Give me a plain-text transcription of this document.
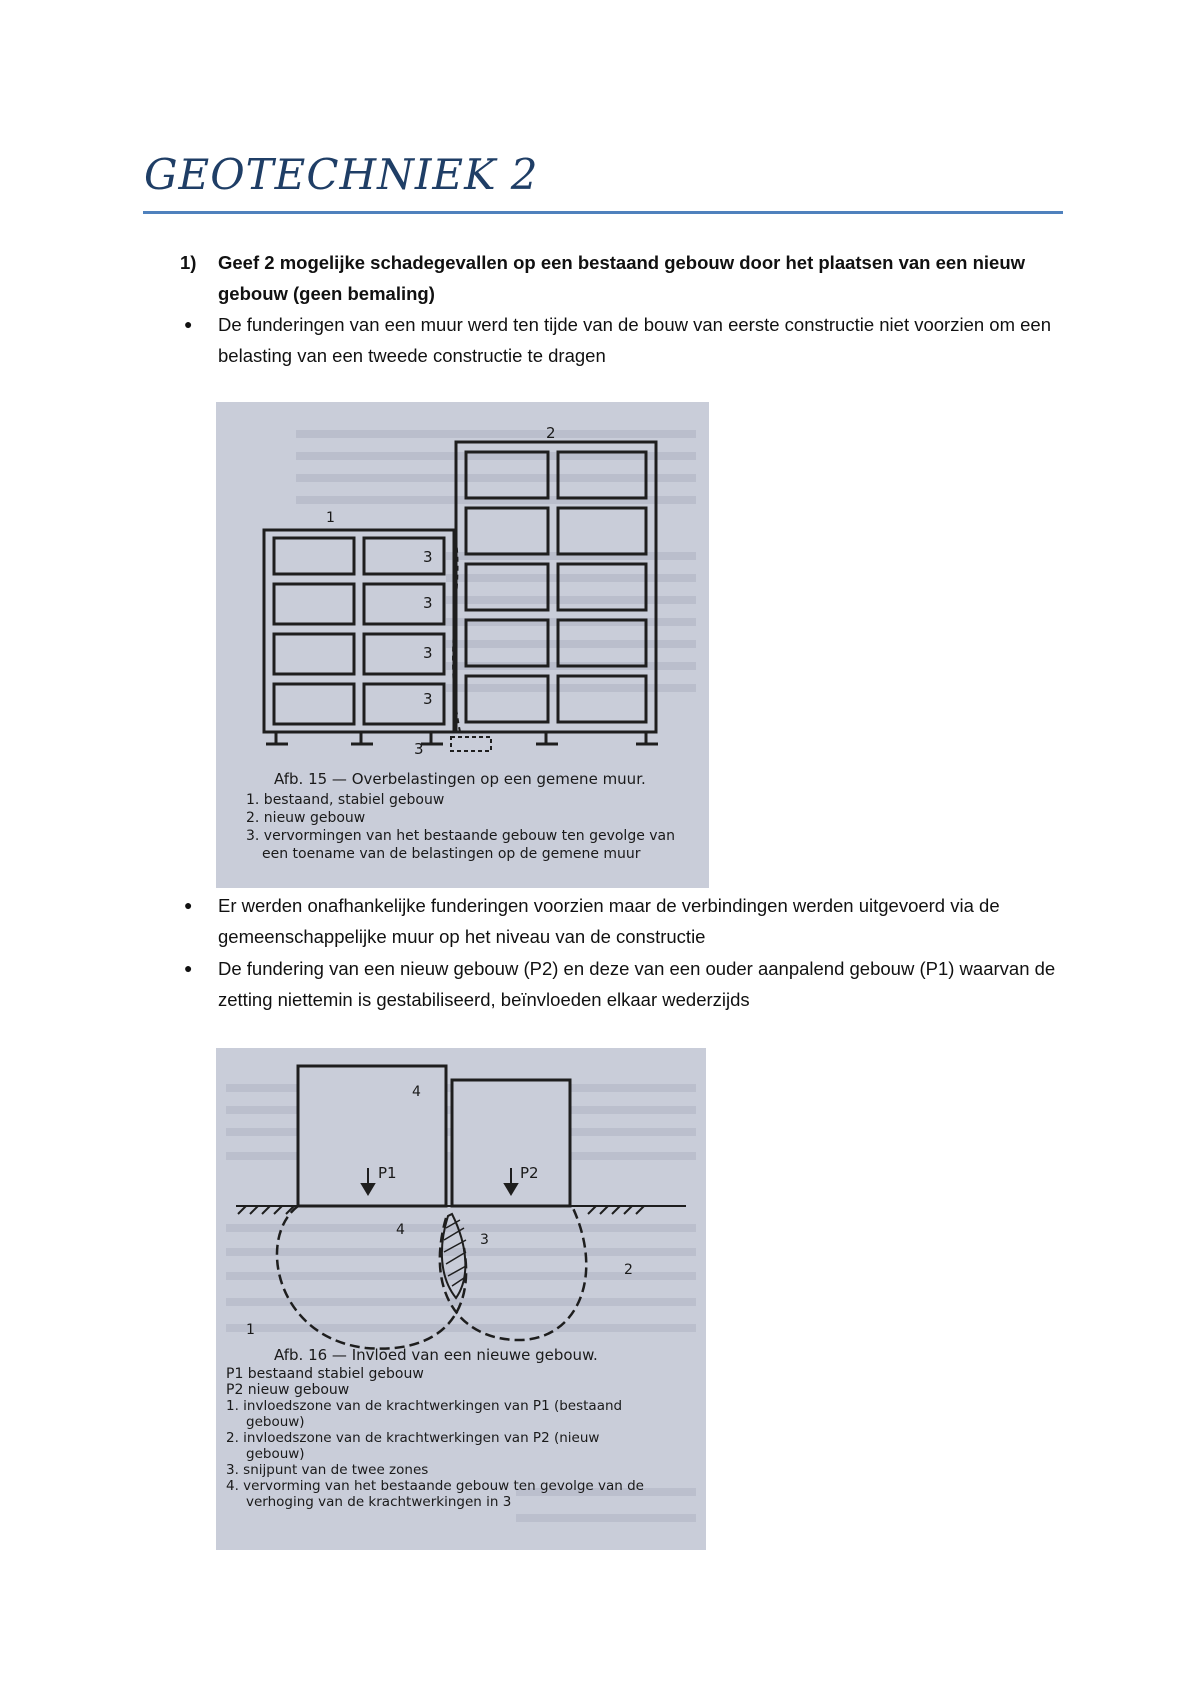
GEOTECHNIEK 2
1) Geef 2 mogelijke schadegevallen op een bestaand gebouw door het plaatsen van een nieuw gebouw (geen bemaling)
● De funderingen van een muur werd ten tijde van de bouw van eerste constructie niet voorzien om een belasting van een tweede constructie te dragen
1
2
3
3
3
3
3
Afb. 15 — Overbelastingen op een gemene muur.
1. bestaand, stabiel gebouw
2. nieuw gebouw
3. vervormingen van het bestaande gebouw ten gevolge van
een toename van de belastingen op de gemene muur
● Er werden onafhankelijke funderingen voorzien maar de verbindingen werden uitgevoerd via de gemeenschappelijke muur op het niveau van de constructie
● De fundering van een nieuw gebouw (P2) en deze van een ouder aanpalend gebouw (P1) waarvan de zetting niettemin is gestabiliseerd, beïnvloeden elkaar wederzijds
P1	P2
1
2
3
4
4
Afb. 16 — Invloed van een nieuwe gebouw.
P1 bestaand stabiel gebouw
P2 nieuw gebouw
1. invloedszone van de krachtwerkingen van P1 (bestaand
gebouw)
2. invloedszone van de krachtwerkingen van P2 (nieuw
gebouw)
3. snijpunt van de twee zones
4. vervorming van het bestaande gebouw ten gevolge van de
verhoging van de krachtwerkingen in 3
